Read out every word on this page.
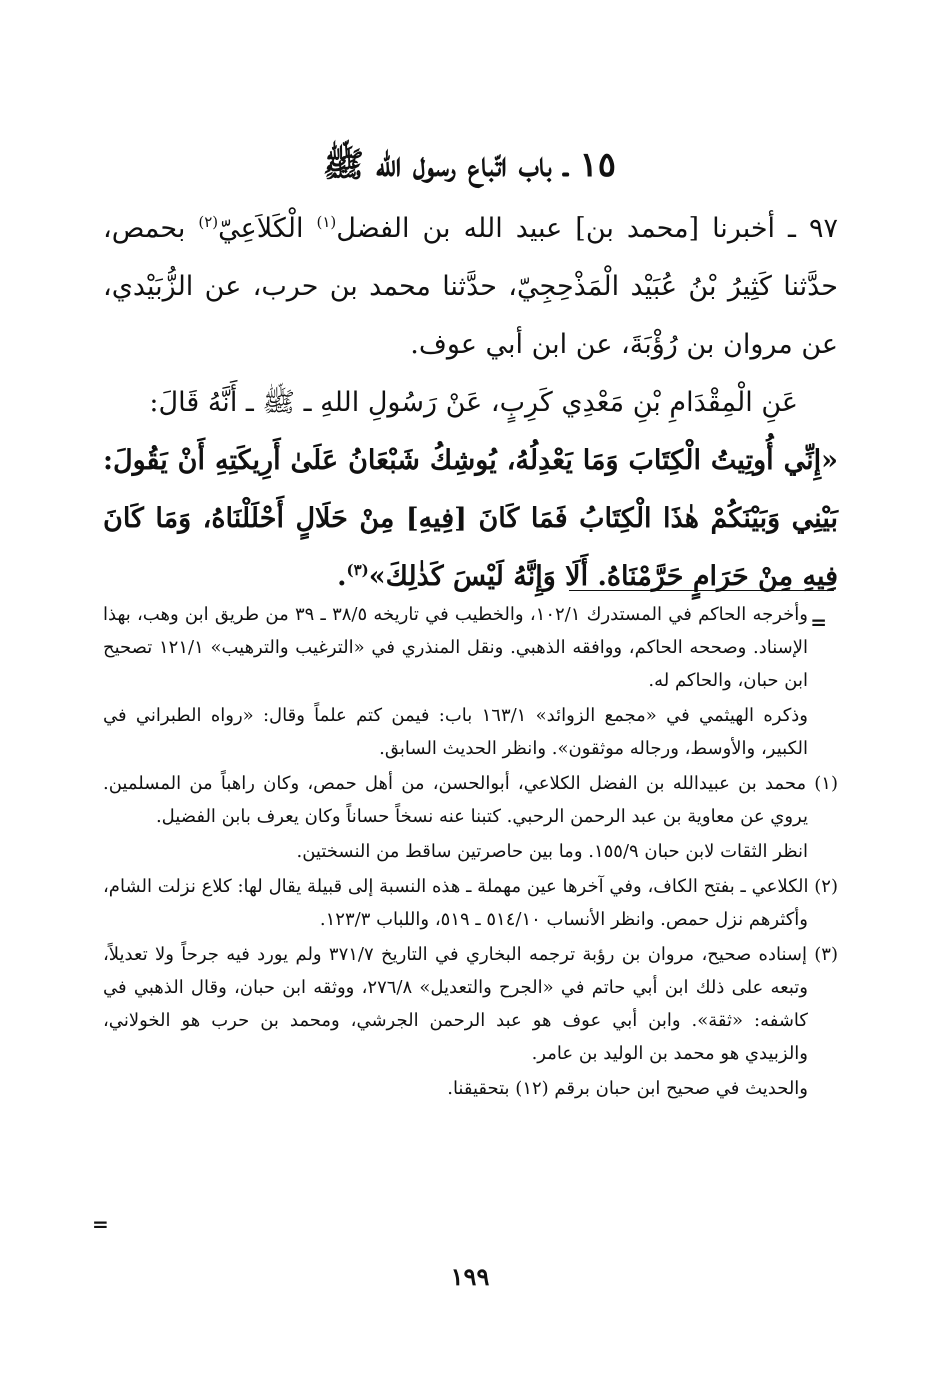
١٥ ـ باب اتّباع رسول الله ﷺ

٩٧ ـ أخبرنا [محمد بن] عبيد الله بن الفضل$^{(١)}$ الْكَلاَعِيّ$^{(٢)}$ بحمص، حدَّثنا كَثِيرُ بْنُ عُبَيْد الْمَذْحِجِيّ، حدَّثنا محمد بن حرب، عن الزُّبَيْدي، عن مروان بن رُؤْبَةَ، عن ابن أبي عوف.

عَنِ الْمِقْدَامِ بْنِ مَعْدِي كَرِبٍ، عَنْ رَسُولِ اللهِ ـ ﷺ ـ أَنَّهُ قَالَ:

«إِنِّي أُوتِيتُ الْكِتَابَ وَمَا يَعْدِلُهُ، يُوشِكُ شَبْعَانُ عَلَىٰ أَرِيكَتِهِ أَنْ يَقُولَ: بَيْنِي وَبَيْنَكُمْ هٰذَا الْكِتَابُ فَمَا كَانَ [فِيهِ] مِنْ حَلَالٍ أَحْلَلْنَاهُ، وَمَا كَانَ فِيهِ مِنْ حَرَامٍ حَرَّمْنَاهُ. أَلَا وَإِنَّهُ لَيْسَ كَذٰلِكَ»$^{(٣)}$.

=

وأخرجه الحاكم في المستدرك ١٠٢/١، والخطيب في تاريخه ٣٨/٥ ـ ٣٩ من طريق ابن وهب، بهذا الإسناد. وصححه الحاكم، ووافقه الذهبي. ونقل المنذري في «الترغيب والترهيب» ١٢١/١ تصحيح ابن حبان، والحاكم له.

وذكره الهيثمي في «مجمع الزوائد» ١٦٣/١ باب: فيمن كتم علماً وقال: «رواه الطبراني في الكبير، والأوسط، ورجاله موثقون». وانظر الحديث السابق.

(١) محمد بن عبيدالله بن الفضل الكلاعي، أبوالحسن، من أهل حمص، وكان راهباً من المسلمين. يروي عن معاوية بن عبد الرحمن الرحبي. كتبنا عنه نسخاً حساناً وكان يعرف بابن الفضيل.

انظر الثقات لابن حبان ١٥٥/٩. وما بين حاصرتين ساقط من النسختين.

(٢) الكلاعي ـ بفتح الكاف، وفي آخرها عين مهملة ـ هذه النسبة إلى قبيلة يقال لها: كلاع نزلت الشام، وأكثرهم نزل حمص. وانظر الأنساب ٥١٤/١٠ ـ ٥١٩، واللباب ١٢٣/٣.

(٣) إسناده صحيح، مروان بن رؤبة ترجمه البخاري في التاريخ ٣٧١/٧ ولم يورد فيه جرحاً ولا تعديلاً، وتبعه على ذلك ابن أبي حاتم في «الجرح والتعديل» ٢٧٦/٨، ووثقه ابن حبان، وقال الذهبي في كاشفه: «ثقة». وابن أبي عوف هو عبد الرحمن الجرشي، ومحمد بن حرب هو الخولاني، والزبيدي هو محمد بن الوليد بن عامر.

والحديث في صحيح ابن حبان برقم (١٢) بتحقيقنا.

=
١٩٩
